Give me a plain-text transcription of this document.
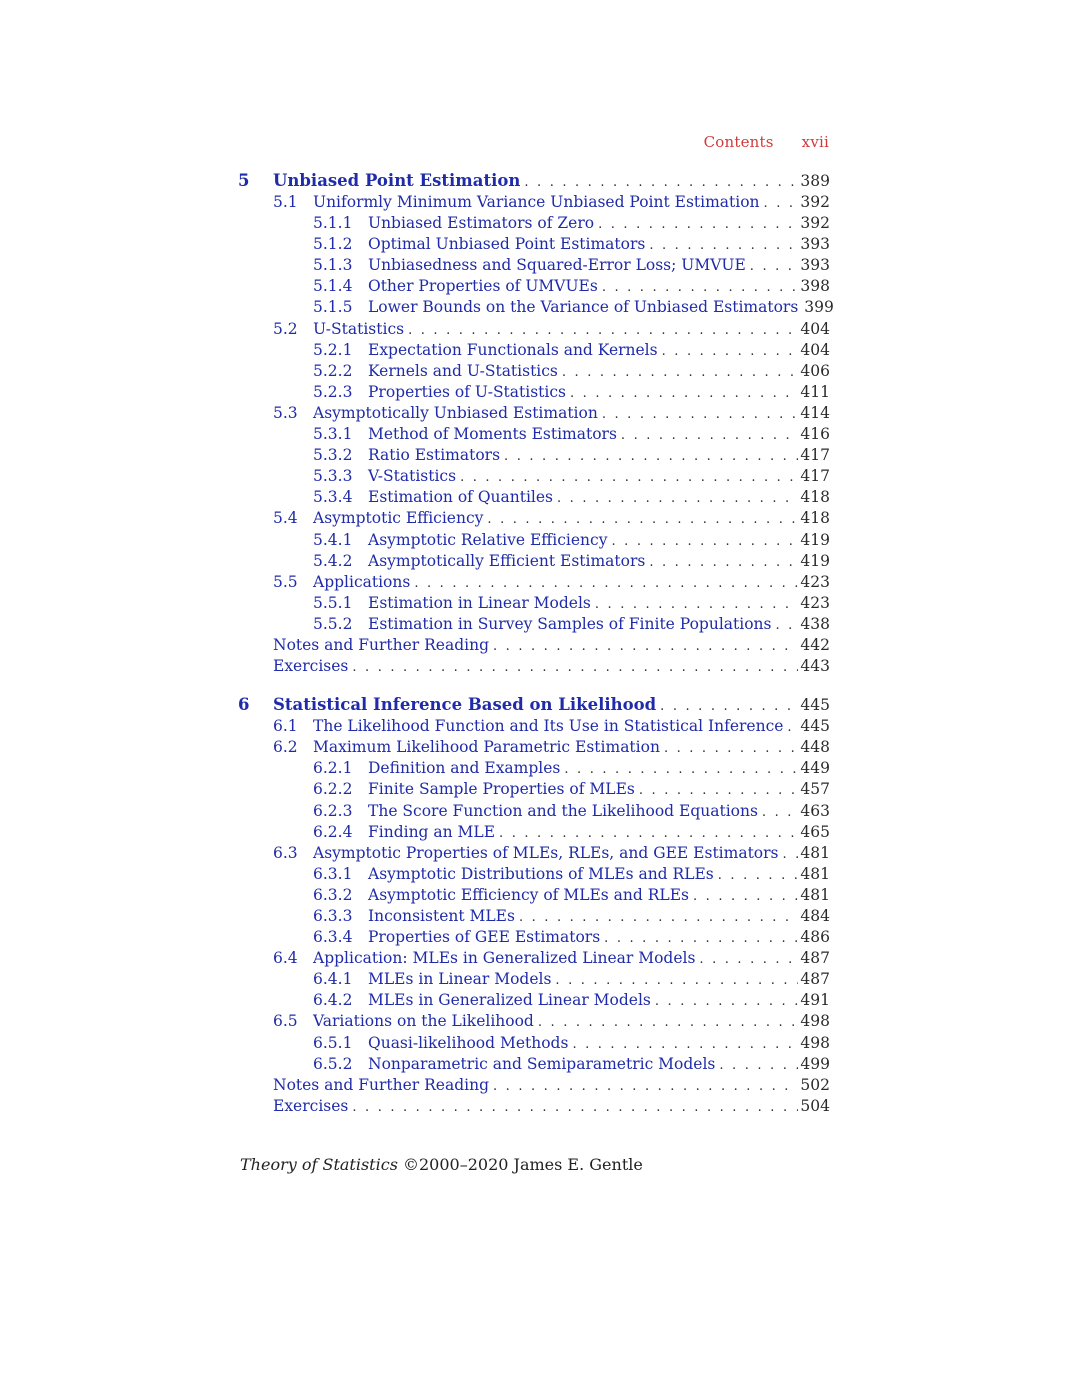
Contents xvii
5	Unbiased Point Estimation . . .	389
5.1 Uniformly Minimum Variance Unbiased Point Estimation . . .	392
5.1.1	Unbiased Estimators of Zero . . .	392
5.1.2	Optimal Unbiased Point Estimators . . .	393
5.1.3	Unbiasedness and Squared-Error Loss; UMVUE . . .	393
5.1.4	Other Properties of UMVUEs . . .	398
5.1.5	Lower Bounds on the Variance of Unbiased Estimators 399
5.2 U-Statistics . . .	404
5.2.1	Expectation Functionals and Kernels . . .	404
5.2.2	Kernels and U-Statistics . . .	406
5.2.3	Properties of U-Statistics . . .	411
5.3 Asymptotically Unbiased Estimation . . .	414
5.3.1	Method of Moments Estimators . . .	416
5.3.2	Ratio Estimators . . .	417
5.3.3	V-Statistics . . .	417
5.3.4	Estimation of Quantiles . . .	418
5.4 Asymptotic Efficiency . . .	418
5.4.1	Asymptotic Relative Efficiency . . .	419
5.4.2	Asymptotically Efficient Estimators . . .	419
5.5 Applications . . .	423
5.5.1	Estimation in Linear Models . . .	423
5.5.2	Estimation in Survey Samples of Finite Populations . . . 438
Notes and Further Reading . . .	442
Exercises . . .	443
6	Statistical Inference Based on Likelihood . . .	445
6.1 The Likelihood Function and Its Use in Statistical Inference . . . 445
6.2 Maximum Likelihood Parametric Estimation . . .	448
6.2.1	Definition and Examples . . .	449
6.2.2	Finite Sample Properties of MLEs . . .	457
6.2.3	The Score Function and the Likelihood Equations . . .	463
6.2.4	Finding an MLE . . .	465
6.3 Asymptotic Properties of MLEs, RLEs, and GEE Estimators . . . 481
6.3.1	Asymptotic Distributions of MLEs and RLEs . . .	481
6.3.2	Asymptotic Efficiency of MLEs and RLEs . . .	481
6.3.3	Inconsistent MLEs . . .	484
6.3.4	Properties of GEE Estimators . . .	486
6.4 Application: MLEs in Generalized Linear Models . . .	487
6.4.1	MLEs in Linear Models . . .	487
6.4.2	MLEs in Generalized Linear Models . . .	491
6.5 Variations on the Likelihood . . .	498
6.5.1	Quasi-likelihood Methods . . .	498
6.5.2	Nonparametric and Semiparametric Models . . .	499
Notes and Further Reading . . .	502
Exercises . . .	504
Theory of Statistics ©2000–2020 James E. Gentle
